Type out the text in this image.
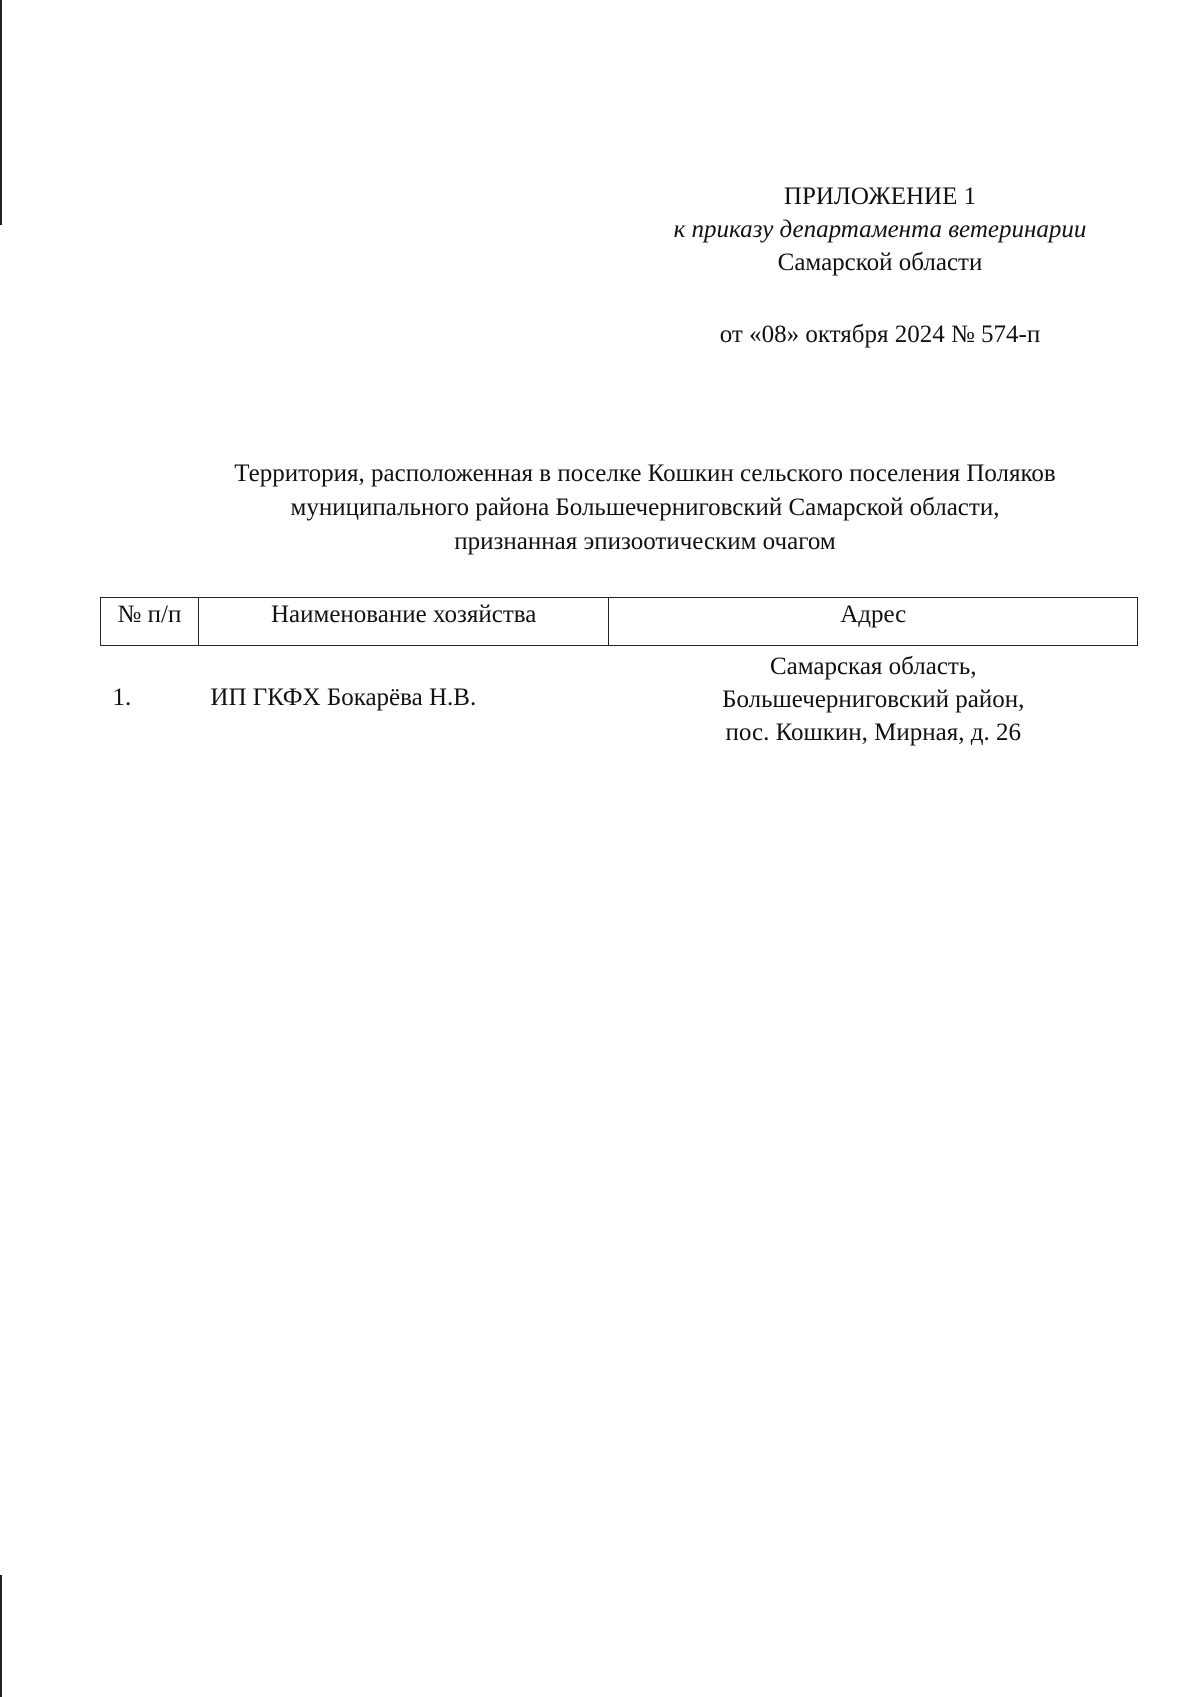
ПРИЛОЖЕНИЕ 1
к приказу департамента ветеринарии
Самарской области
от «08» октября 2024 № 574-п
Территория, расположенная в поселке Кошкин сельского поселения Поляков
муниципального района Большечерниговский Самарской области,
признанная эпизоотическим очагом
№ п/п	Наименование хозяйства	Адрес
1.	ИП ГКФХ Бокарёва Н.В.	Самарская область,
Большечерниговский район,
пос. Кошкин, Мирная, д. 26
